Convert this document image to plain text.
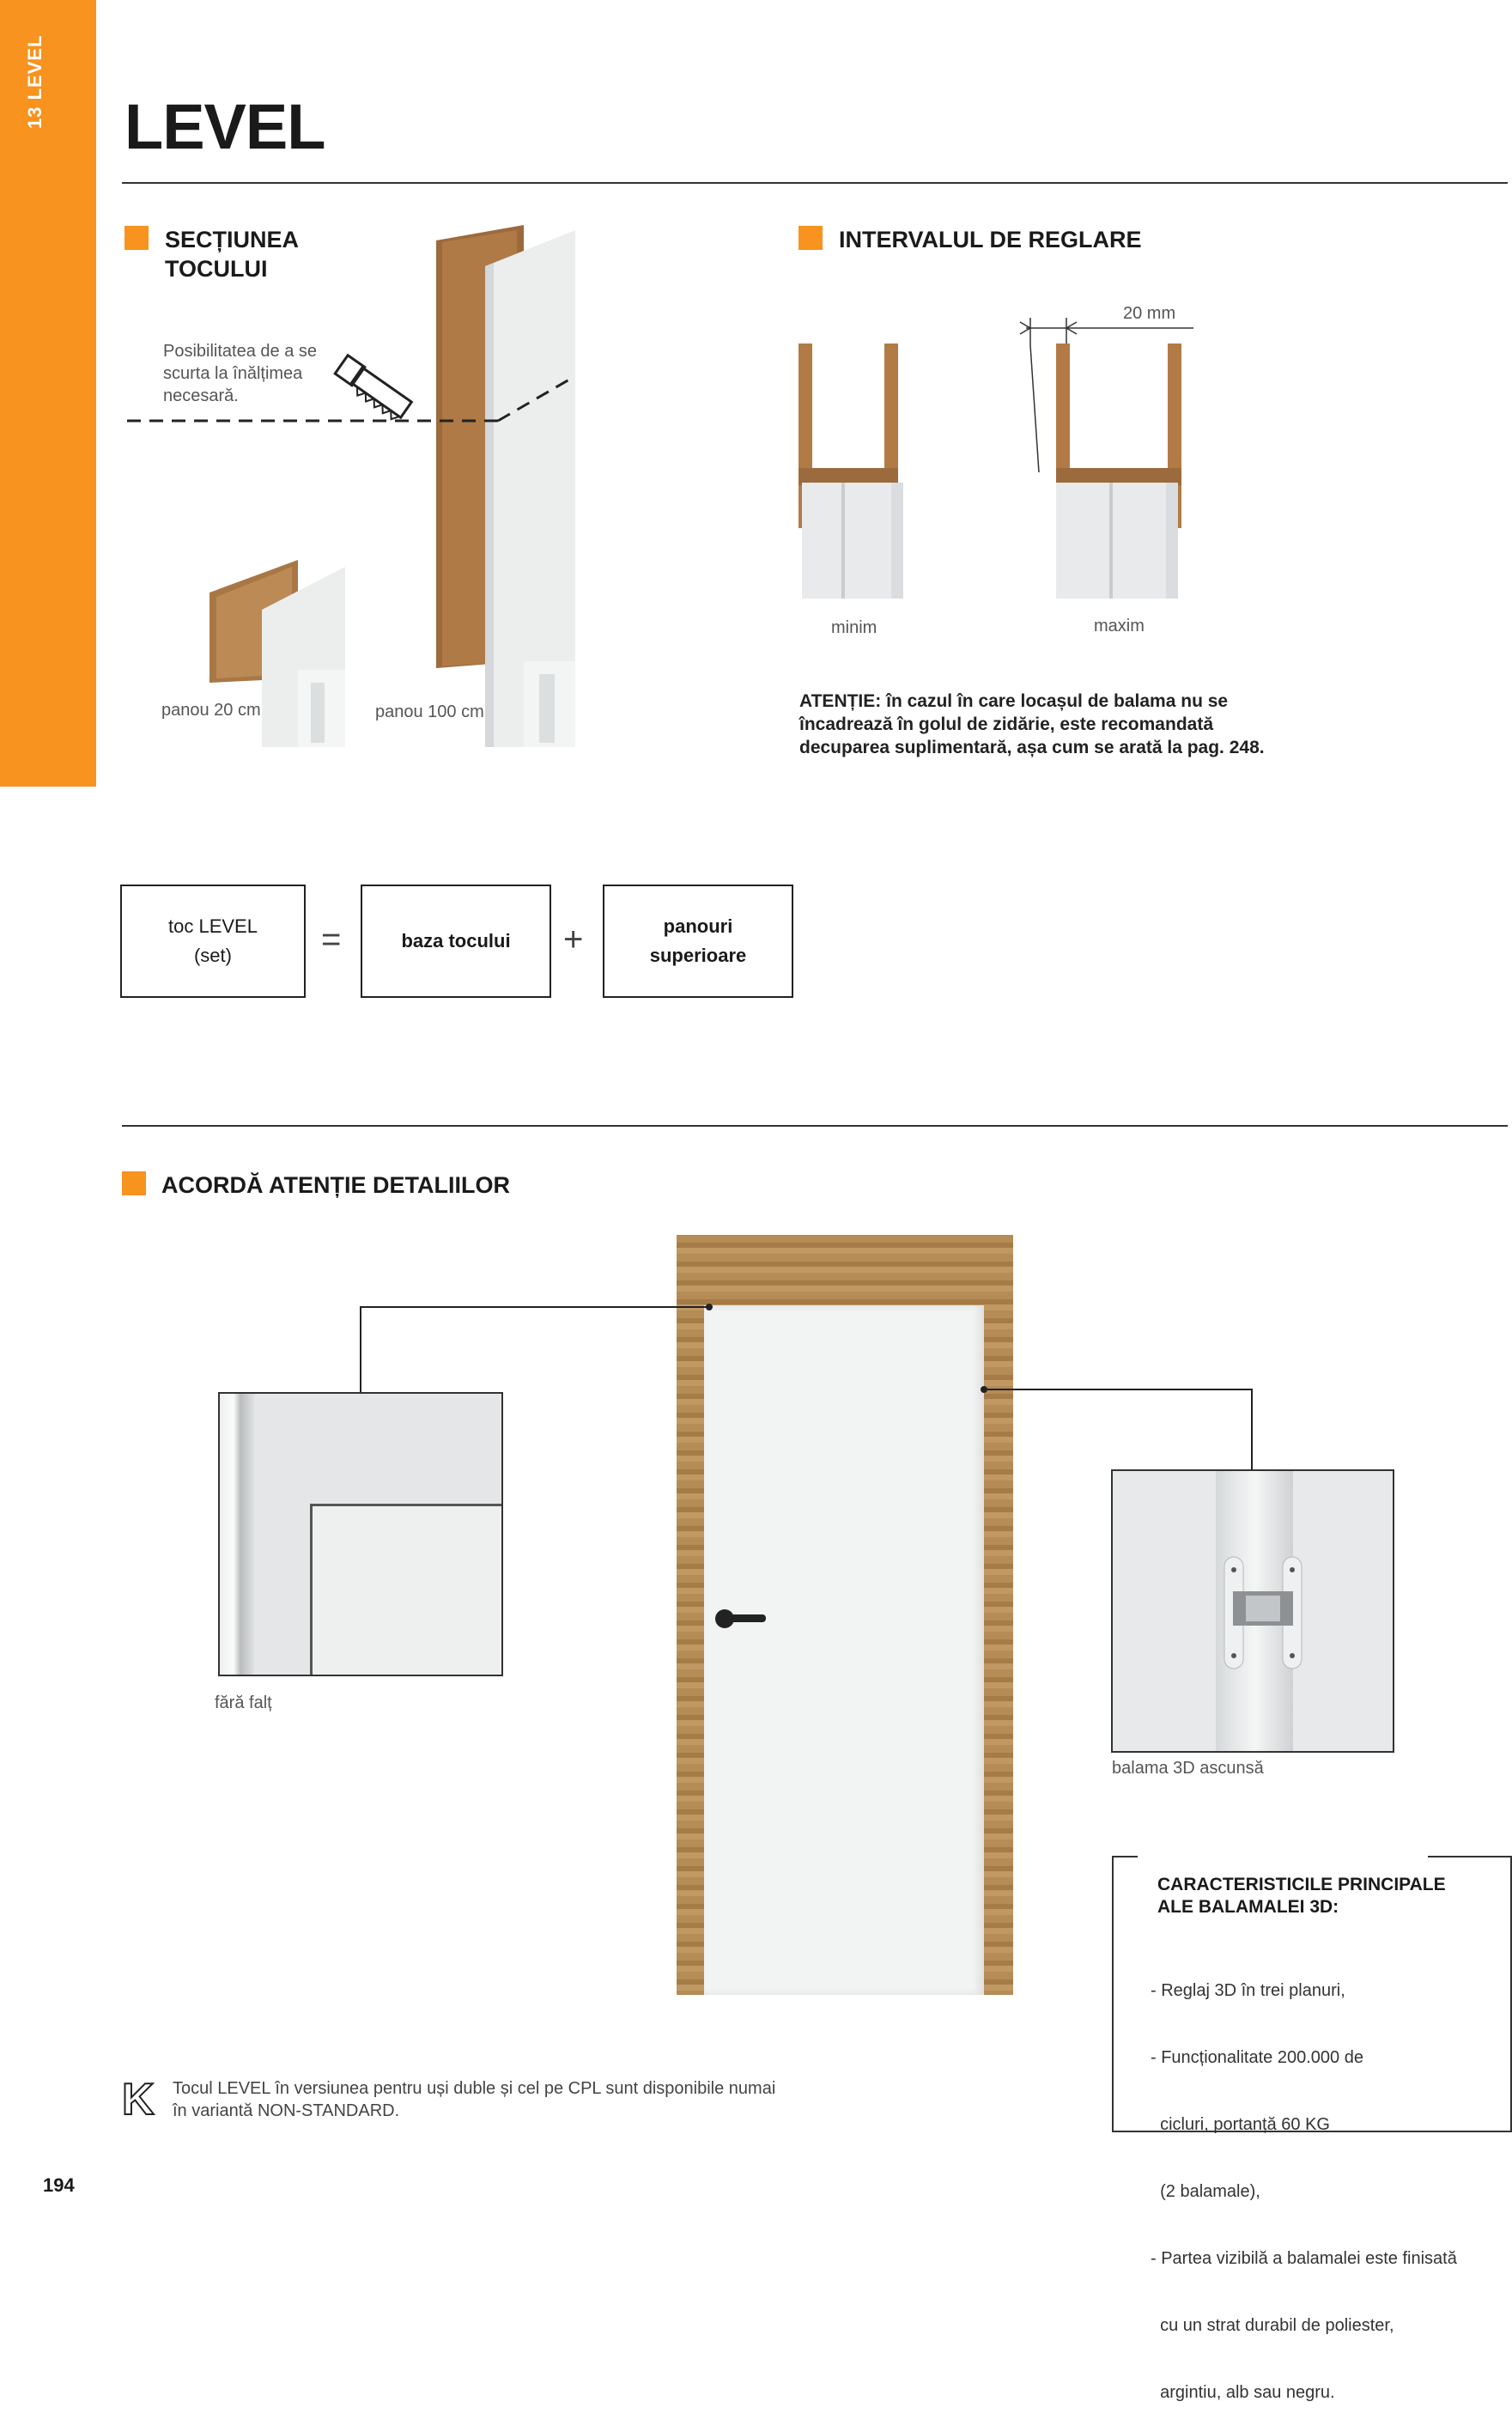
13 LEVEL LEVEL
SECȚIUNEA
TOCULUI
Posibilitatea de a se
scurta la înălțimea
necesară.
panou 20 cm	panou 100 cm
INTERVALUL DE REGLARE
20 mm
minim	maxim
ATENȚIE: în cazul în care locașul de balama nu se
încadrează în golul de zidărie, este recomandată
decuparea suplimentară, așa cum se arată la pag. 248.
toc LEVEL
(set)	=	baza tocului	+	panouri
superioare
ACORDĂ ATENȚIE DETALIILOR
fără falț
balama 3D ascunsă
CARACTERISTICILE PRINCIPALE
ALE BALAMALEI 3D:

- Reglaj 3D în trei planuri,

- Funcționalitate 200.000 de

cicluri, portanță 60 KG

(2 balamale),

- Partea vizibilă a balamalei este finisată

cu un strat durabil de poliester,

argintiu, alb sau negru.

K Tocul LEVEL în versiunea pentru uși duble și cel pe CPL sunt disponibile numai
în variantă NON-STANDARD.
194
